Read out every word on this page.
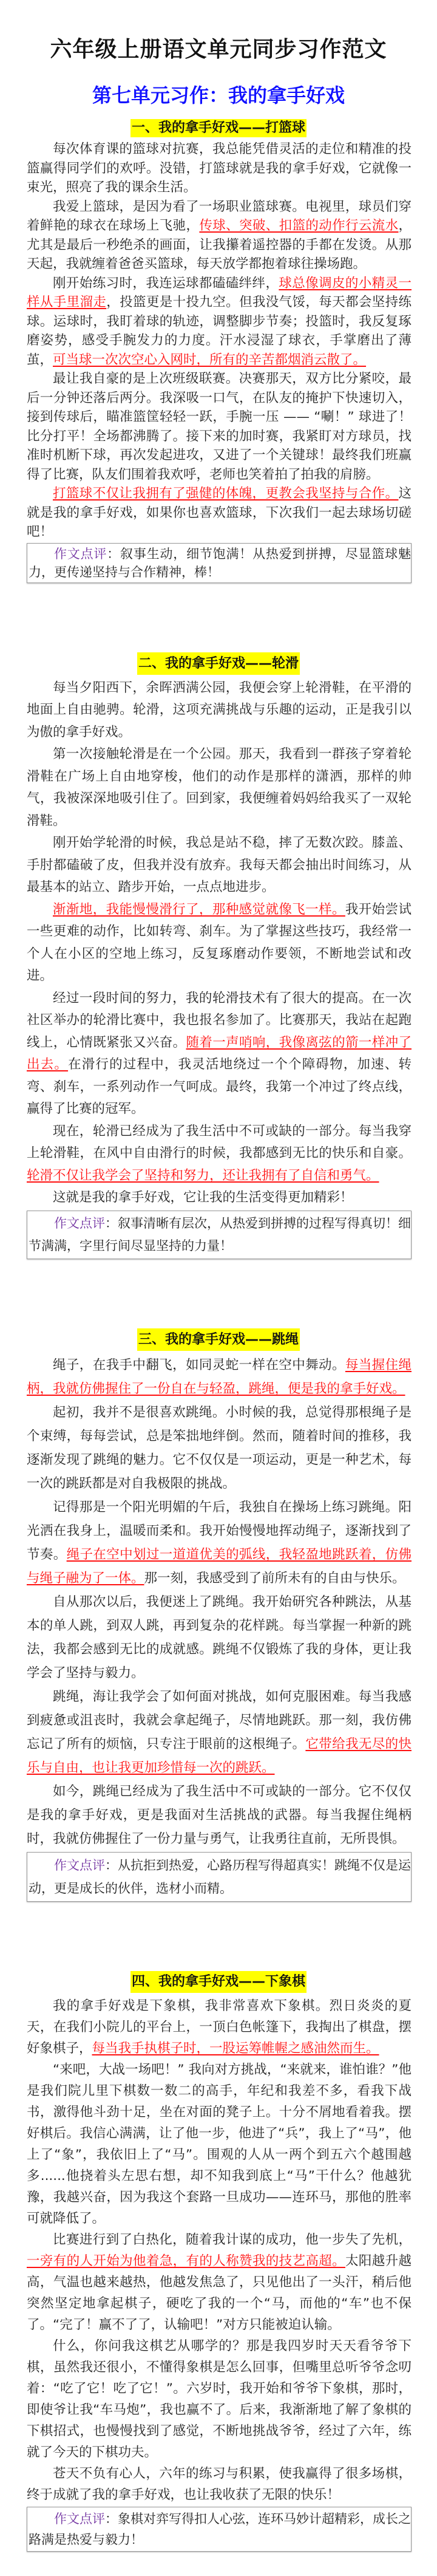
六年级上册语文单元同步习作范文
第七单元习作：我的拿手好戏
一、我的拿手好戏——打篮球

每次体育课的篮球对抗赛，我总能凭借灵活的走位和精准的投篮赢得同学们的欢呼。没错，打篮球就是我的拿手好戏，它就像一束光，照亮了我的课余生活。

我爱上篮球，是因为看了一场职业篮球赛。电视里，球员们穿着鲜艳的球衣在球场上飞驰，传球、突破、扣篮的动作行云流水，尤其是最后一秒绝杀的画面，让我攥着遥控器的手都在发烫。从那天起，我就缠着爸爸买篮球，每天放学都抱着球往操场跑。

刚开始练习时，我连运球都磕磕绊绊，球总像调皮的小精灵一样从手里溜走，投篮更是十投九空。但我没气馁，每天都会坚持练球。运球时，我盯着球的轨迹，调整脚步节奏；投篮时，我反复琢磨姿势，感受手腕发力的力度。汗水浸湿了球衣，手掌磨出了薄茧，可当球一次次空心入网时，所有的辛苦都烟消云散了。

最让我自豪的是上次班级联赛。决赛那天，双方比分紧咬，最后一分钟还落后两分。我深吸一口气，在队友的掩护下快速切入，接到传球后，瞄准篮筐轻轻一跃，手腕一压 —— “唰！” 球进了！比分打平！全场都沸腾了。接下来的加时赛，我紧盯对方球员，找准时机断下球，再次发起进攻，又进了一个关键球！最终我们班赢得了比赛，队友们围着我欢呼，老师也笑着拍了拍我的肩膀。

打篮球不仅让我拥有了强健的体魄，更教会我坚持与合作。这就是我的拿手好戏，如果你也喜欢篮球，下次我们一起去球场切磋吧！

作文点评：叙事生动，细节饱满！从热爱到拼搏，尽显篮球魅力，更传递坚持与合作精神，棒！
二、我的拿手好戏——轮滑

每当夕阳西下，余晖洒满公园，我便会穿上轮滑鞋，在平滑的地面上自由驰骋。轮滑，这项充满挑战与乐趣的运动，正是我引以为傲的拿手好戏。

第一次接触轮滑是在一个公园。那天，我看到一群孩子穿着轮滑鞋在广场上自由地穿梭，他们的动作是那样的潇洒，那样的帅气，我被深深地吸引住了。回到家，我便缠着妈妈给我买了一双轮滑鞋。

刚开始学轮滑的时候，我总是站不稳，摔了无数次跤。膝盖、手肘都磕破了皮，但我并没有放弃。我每天都会抽出时间练习，从最基本的站立、踏步开始，一点点地进步。

渐渐地，我能慢慢滑行了，那种感觉就像飞一样。我开始尝试一些更难的动作，比如转弯、刹车。为了掌握这些技巧，我经常一个人在小区的空地上练习，反复琢磨动作要领，不断地尝试和改进。

经过一段时间的努力，我的轮滑技术有了很大的提高。在一次社区举办的轮滑比赛中，我也报名参加了。比赛那天，我站在起跑线上，心情既紧张又兴奋。随着一声哨响，我像离弦的箭一样冲了出去。在滑行的过程中，我灵活地绕过一个个障碍物，加速、转弯、刹车，一系列动作一气呵成。最终，我第一个冲过了终点线，赢得了比赛的冠军。

现在，轮滑已经成为了我生活中不可或缺的一部分。每当我穿上轮滑鞋，在风中自由滑行的时候，我都感到无比的快乐和自豪。轮滑不仅让我学会了坚持和努力，还让我拥有了自信和勇气。

这就是我的拿手好戏，它让我的生活变得更加精彩！

作文点评：叙事清晰有层次，从热爱到拼搏的过程写得真切！细节满满，字里行间尽显坚持的力量！
三、我的拿手好戏——跳绳

绳子，在我手中翻飞，如同灵蛇一样在空中舞动。每当握住绳柄，我就仿佛握住了一份自在与轻盈，跳绳，便是我的拿手好戏。

起初，我并不是很喜欢跳绳。小时候的我，总觉得那根绳子是个束缚，每每尝试，总是笨拙地绊倒。然而，随着时间的推移，我逐渐发现了跳绳的魅力。它不仅仅是一项运动，更是一种艺术，每一次的跳跃都是对自我极限的挑战。

记得那是一个阳光明媚的午后，我独自在操场上练习跳绳。阳光洒在我身上，温暖而柔和。我开始慢慢地挥动绳子，逐渐找到了节奏。绳子在空中划过一道道优美的弧线，我轻盈地跳跃着，仿佛与绳子融为了一体。那一刻，我感受到了前所未有的自由与快乐。

自从那次以后，我便迷上了跳绳。我开始研究各种跳法，从基本的单人跳，到双人跳，再到复杂的花样跳。每当掌握一种新的跳法，我都会感到无比的成就感。跳绳不仅锻炼了我的身体，更让我学会了坚持与毅力。

跳绳，海让我学会了如何面对挑战，如何克服困难。每当我感到疲惫或沮丧时，我就会拿起绳子，尽情地跳跃。那一刻，我仿佛忘记了所有的烦恼，只专注于眼前的这根绳子。它带给我无尽的快乐与自由，也让我更加珍惜每一次的跳跃。

如今，跳绳已经成为了我生活中不可或缺的一部分。它不仅仅是我的拿手好戏，更是我面对生活挑战的武器。每当我握住绳柄时，我就仿佛握住了一份力量与勇气，让我勇往直前，无所畏惧。

作文点评：从抗拒到热爱，心路历程写得超真实！跳绳不仅是运动，更是成长的伙伴，选材小而精。
四、我的拿手好戏——下象棋

我的拿手好戏是下象棋，我非常喜欢下象棋。烈日炎炎的夏天，在我们小院儿的平台上，一顶白色帐篷下，我掏出了棋盘，摆好象棋子，每当我手执棋子时，一股运筹帷幄之感油然而生。

“来吧，大战一场吧！” 我向对方挑战，“来就来，谁怕谁？”他是我们院儿里下棋数一数二的高手，年纪和我差不多，看我下战书，激得他斗劲十足，坐在对面的凳子上。十分不屑地看着我。摆好棋后。我信心满满，让了他一步，他进了“兵”，我上了“马”，他上了“象”，我依旧上了“马”。围观的人从一两个到五六个越围越多......他挠着头左思右想，却不知我到底上“马”干什么？他越犹豫，我越兴奋，因为我这个套路一旦成功——连环马，那他的胜率可就降低了。

比赛进行到了白热化，随着我计谋的成功，他一步失了先机，一旁有的人开始为他着急，有的人称赞我的技艺高超。太阳越升越高，气温也越来越热，他越发焦急了，只见他出了一头汗，稍后他突然坚定地拿起棋子，硬吃了我的一个“马，而他的“车”也不保了。“完了！赢不了了，认输吧！”对方只能被迫认输。

什么，你问我这棋艺从哪学的？那是我四岁时天天看爷爷下棋，虽然我还很小，不懂得象棋是怎么回事，但嘴里总听爷爷念叨着：“吃了它！吃了它！”。六岁时，我开始和爷爷下象棋，那时，即使爷让我“车马炮”，我也赢不了。后来，我渐渐地了解了象棋的下棋招式，也慢慢找到了感觉，不断地挑战爷爷，经过了六年，练就了今天的下棋功夫。

苍天不负有心人，六年的练习与积累，使我赢得了很多场棋，终于成就了我的拿手好戏，也让我收获了无限的快乐！

作文点评：象棋对弈写得扣人心弦，连环马妙计超精彩，成长之路满是热爱与毅力！
